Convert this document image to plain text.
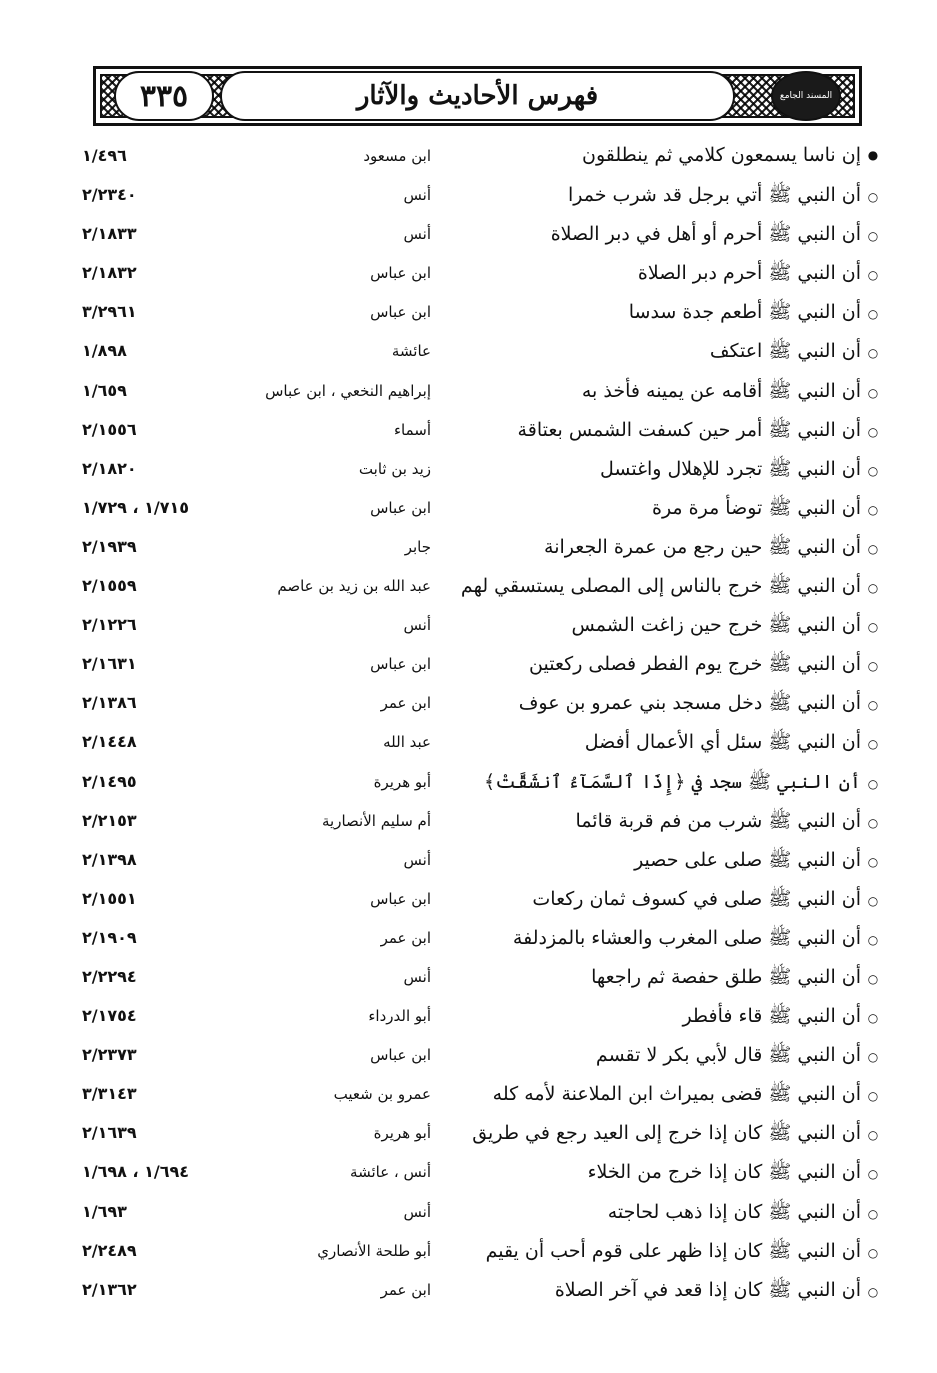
٣٣٥	فهرس الأحاديث والآثار	المسند الجامع
●
إن ناسا يسمعون كلامي ثم ينطلقون
ابن مسعود
١/٤٩٦
○
أن النبي ﷺ أتي برجل قد شرب خمرا
أنس
٢/٢٣٤٠
○
أن النبي ﷺ أحرم أو أهل في دبر الصلاة
أنس
٢/١٨٣٣
○
أن النبي ﷺ أحرم دبر الصلاة
ابن عباس
٢/١٨٣٢
○
أن النبي ﷺ أطعم جدة سدسا
ابن عباس
٣/٢٩٦١
○
أن النبي ﷺ اعتكف
عائشة
١/٨٩٨
○
أن النبي ﷺ أقامه عن يمينه فأخذ به
إبراهيم النخعي ، ابن عباس
١/٦٥٩
○
أن النبي ﷺ أمر حين كسفت الشمس بعتاقة
أسماء
٢/١٥٥٦
○
أن النبي ﷺ تجرد للإهلال واغتسل
زيد بن ثابت
٢/١٨٢٠
○
أن النبي ﷺ توضأ مرة مرة
ابن عباس
١/٧١٥ ، ١/٧٢٩
○
أن النبي ﷺ حين رجع من عمرة الجعرانة
جابر
٢/١٩٣٩
○
أن النبي ﷺ خرج بالناس إلى المصلى يستسقي لهم
عبد الله بن زيد بن عاصم
٢/١٥٥٩
○
أن النبي ﷺ خرج حين زاغت الشمس
أنس
٢/١٢٢٦
○
أن النبي ﷺ خرج يوم الفطر فصلى ركعتين
ابن عباس
٢/١٦٣١
○
أن النبي ﷺ دخل مسجد بني عمرو بن عوف
ابن عمر
٢/١٣٨٦
○
أن النبي ﷺ سئل أي الأعمال أفضل
عبد الله
٢/١٤٤٨
○
أن النبي ﷺ سجد في ﴿إِذَا ٱلسَّمَآءُ ٱنشَقَّتْ﴾
أبو هريرة
٢/١٤٩٥
○
أن النبي ﷺ شرب من فم قربة قائما
أم سليم الأنصارية
٢/٢١٥٣
○
أن النبي ﷺ صلى على حصير
أنس
٢/١٣٩٨
○
أن النبي ﷺ صلى في كسوف ثمان ركعات
ابن عباس
٢/١٥٥١
○
أن النبي ﷺ صلى المغرب والعشاء بالمزدلفة
ابن عمر
٢/١٩٠٩
○
أن النبي ﷺ طلق حفصة ثم راجعها
أنس
٢/٢٢٩٤
○
أن النبي ﷺ قاء فأفطر
أبو الدرداء
٢/١٧٥٤
○
أن النبي ﷺ قال لأبي بكر لا تقسم
ابن عباس
٢/٢٣٧٣
○
أن النبي ﷺ قضى بميراث ابن الملاعنة لأمه كله
عمرو بن شعيب
٣/٣١٤٣
○
أن النبي ﷺ كان إذا خرج إلى العيد رجع في طريق
أبو هريرة
٢/١٦٣٩
○
أن النبي ﷺ كان إذا خرج من الخلاء
أنس ، عائشة
١/٦٩٤ ، ١/٦٩٨
○
أن النبي ﷺ كان إذا ذهب لحاجته
أنس
١/٦٩٣
○
أن النبي ﷺ كان إذا ظهر على قوم أحب أن يقيم
أبو طلحة الأنصاري
٢/٢٤٨٩
○
أن النبي ﷺ كان إذا قعد في آخر الصلاة
ابن عمر
٢/١٣٦٢
